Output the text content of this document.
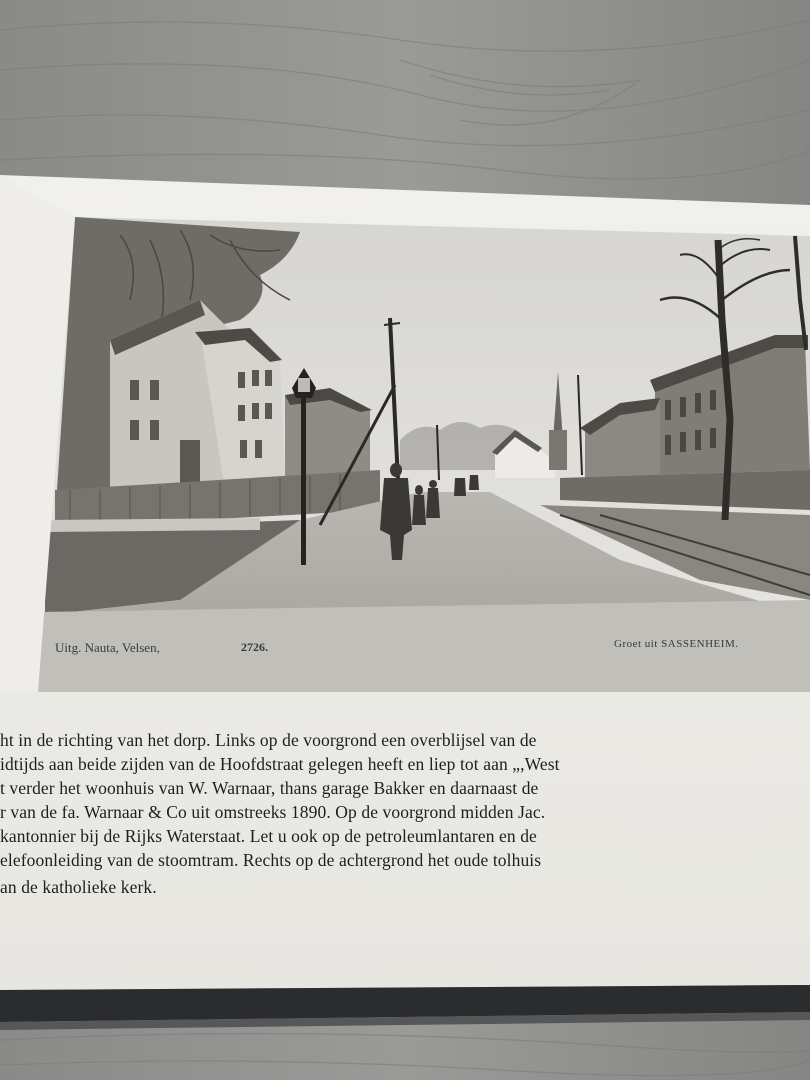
Uitg. Nauta, Velsen,	2726.	Groet uit SASSENHEIM.
ht in de richting van het dorp. Links op de voorgrond een overblijsel van de
idtijds aan beide zijden van de Hoofdstraat gelegen heeft en liep tot aan „,West
t verder het woonhuis van W. Warnaar, thans garage Bakker en daarnaast de
r van de fa. Warnaar & Co uit omstreeks 1890. Op de voorgrond midden Jac.
kantonnier bij de Rijks Waterstaat. Let u ook op de petroleumlantaren en de
elefoonleiding van de stoomtram. Rechts op de achtergrond het oude tolhuis
an de katholieke kerk.
